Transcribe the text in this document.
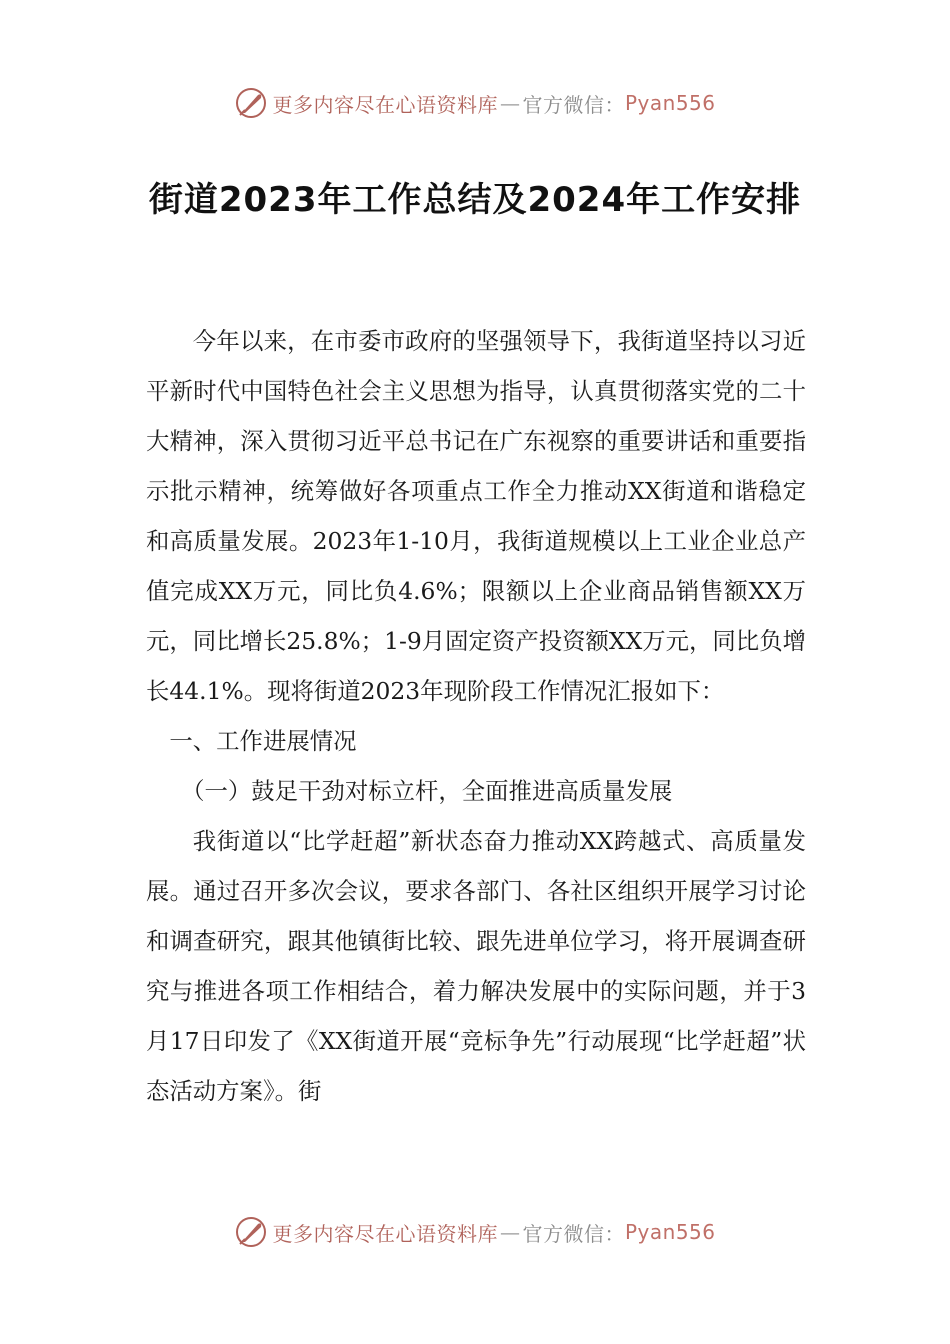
更多内容尽在心语资料库 — 官方微信： Pyan556
街道2023年工作总结及2024年工作安排

今年以来，在市委市政府的坚强领导下，我街道坚持以习近平新时代中国特色社会主义思想为指导，认真贯彻落实党的二十大精神，深入贯彻习近平总书记在广东视察的重要讲话和重要指示批示精神，统筹做好各项重点工作全力推动XX街道和谐稳定和高质量发展。2023年1-10月，我街道规模以上工业企业总产值完成XX万元，同比负4.6%；限额以上企业商品销售额XX万元，同比增长25.8%；1-9月固定资产投资额XX万元，同比负增长44.1%。现将街道2023年现阶段工作情况汇报如下：

一、工作进展情况

（一）鼓足干劲对标立杆，全面推进高质量发展

我街道以“比学赶超”新状态奋力推动XX跨越式、高质量发展。通过召开多次会议，要求各部门、各社区组织开展学习讨论和调查研究，跟其他镇街比较、跟先进单位学习，将开展调查研究与推进各项工作相结合，着力解决发展中的实际问题，并于3月17日印发了《XX街道开展“竞标争先”行动展现“比学赶超”状态活动方案》。街

更多内容尽在心语资料库 — 官方微信： Pyan556
